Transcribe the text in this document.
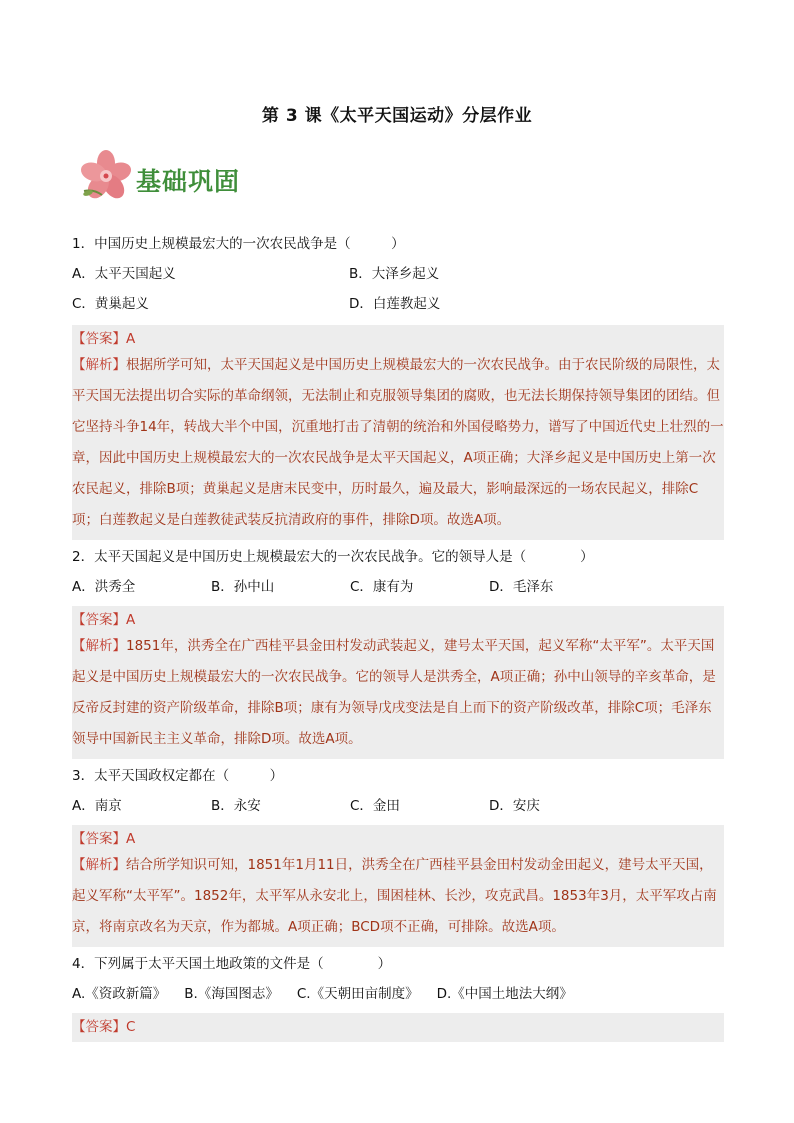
第 3 课《太平天国运动》分层作业
基础巩固
1．中国历史上规模最宏大的一次农民战争是（　　　）
A．太平天国起义	B．大泽乡起义
C．黄巢起义	D．白莲教起义
【答案】A
【解析】根据所学可知，太平天国起义是中国历史上规模最宏大的一次农民战争。由于农民阶级的局限性，太平天国无法提出切合实际的革命纲领，无法制止和克服领导集团的腐败，也无法长期保持领导集团的团结。但它坚持斗争14年，转战大半个中国，沉重地打击了清朝的统治和外国侵略势力，谱写了中国近代史上壮烈的一章，因此中国历史上规模最宏大的一次农民战争是太平天国起义，A项正确；大泽乡起义是中国历史上第一次农民起义，排除B项；黄巢起义是唐末民变中，历时最久，遍及最大，影响最深远的一场农民起义，排除C项；白莲教起义是白莲教徒武装反抗清政府的事件，排除D项。故选A项。
2．太平天国起义是中国历史上规模最宏大的一次农民战争。它的领导人是（　　　　）
A．洪秀全	B．孙中山	C．康有为	D．毛泽东
【答案】A
【解析】1851年，洪秀全在广西桂平县金田村发动武装起义，建号太平天国，起义军称“太平军”。太平天国起义是中国历史上规模最宏大的一次农民战争。它的领导人是洪秀全，A项正确；孙中山领导的辛亥革命，是反帝反封建的资产阶级革命，排除B项；康有为领导戊戌变法是自上而下的资产阶级改革，排除C项；毛泽东领导中国新民主主义革命，排除D项。故选A项。
3．太平天国政权定都在（　　　）
A．南京	B．永安	C．金田	D．安庆
【答案】A
【解析】结合所学知识可知，1851年1月11日，洪秀全在广西桂平县金田村发动金田起义，建号太平天国，起义军称“太平军”。1852年，太平军从永安北上，围困桂林、长沙，攻克武昌。1853年3月，太平军攻占南京，将南京改名为天京，作为都城。A项正确；BCD项不正确，可排除。故选A项。
4．下列属于太平天国土地政策的文件是（　　　　）
A.《资政新篇》 B.《海国图志》 C.《天朝田亩制度》 D.《中国土地法大纲》
【答案】C
